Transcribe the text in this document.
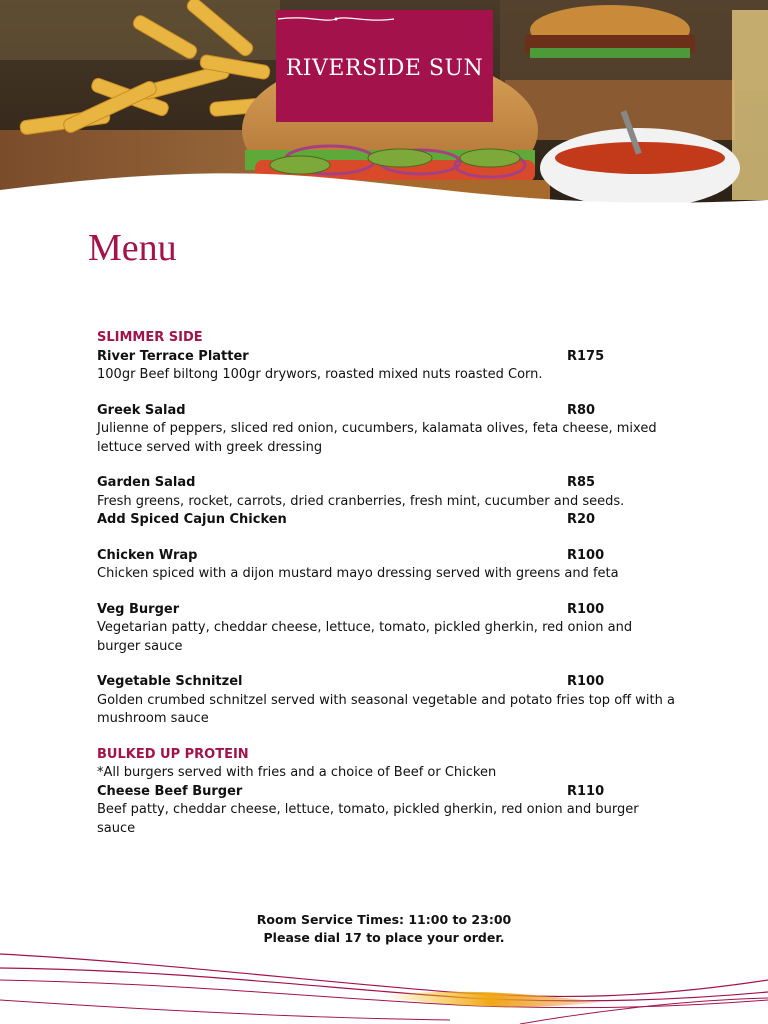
RIVERSIDE SUN
Menu
SLIMMER SIDE
River Terrace Platter	R175
100gr Beef biltong 100gr drywors, roasted mixed nuts roasted Corn.
Greek Salad	R80
Julienne of peppers, sliced red onion, cucumbers, kalamata olives, feta cheese, mixed lettuce served with greek dressing
Garden Salad	R85
Fresh greens, rocket, carrots, dried cranberries, fresh mint, cucumber and seeds.
Add Spiced Cajun Chicken	R20
Chicken Wrap	R100
Chicken spiced with a dijon mustard mayo dressing served with greens and feta
Veg Burger	R100
Vegetarian patty, cheddar cheese, lettuce, tomato, pickled gherkin, red onion and burger sauce
Vegetable Schnitzel	R100
Golden crumbed schnitzel served with seasonal vegetable and potato fries top off with a mushroom sauce
BULKED UP PROTEIN
*All burgers served with fries and a choice of Beef or Chicken
Cheese Beef Burger	R110
Beef patty, cheddar cheese, lettuce, tomato, pickled gherkin, red onion and burger sauce
Room Service Times: 11:00 to 23:00
Please dial 17 to place your order.
